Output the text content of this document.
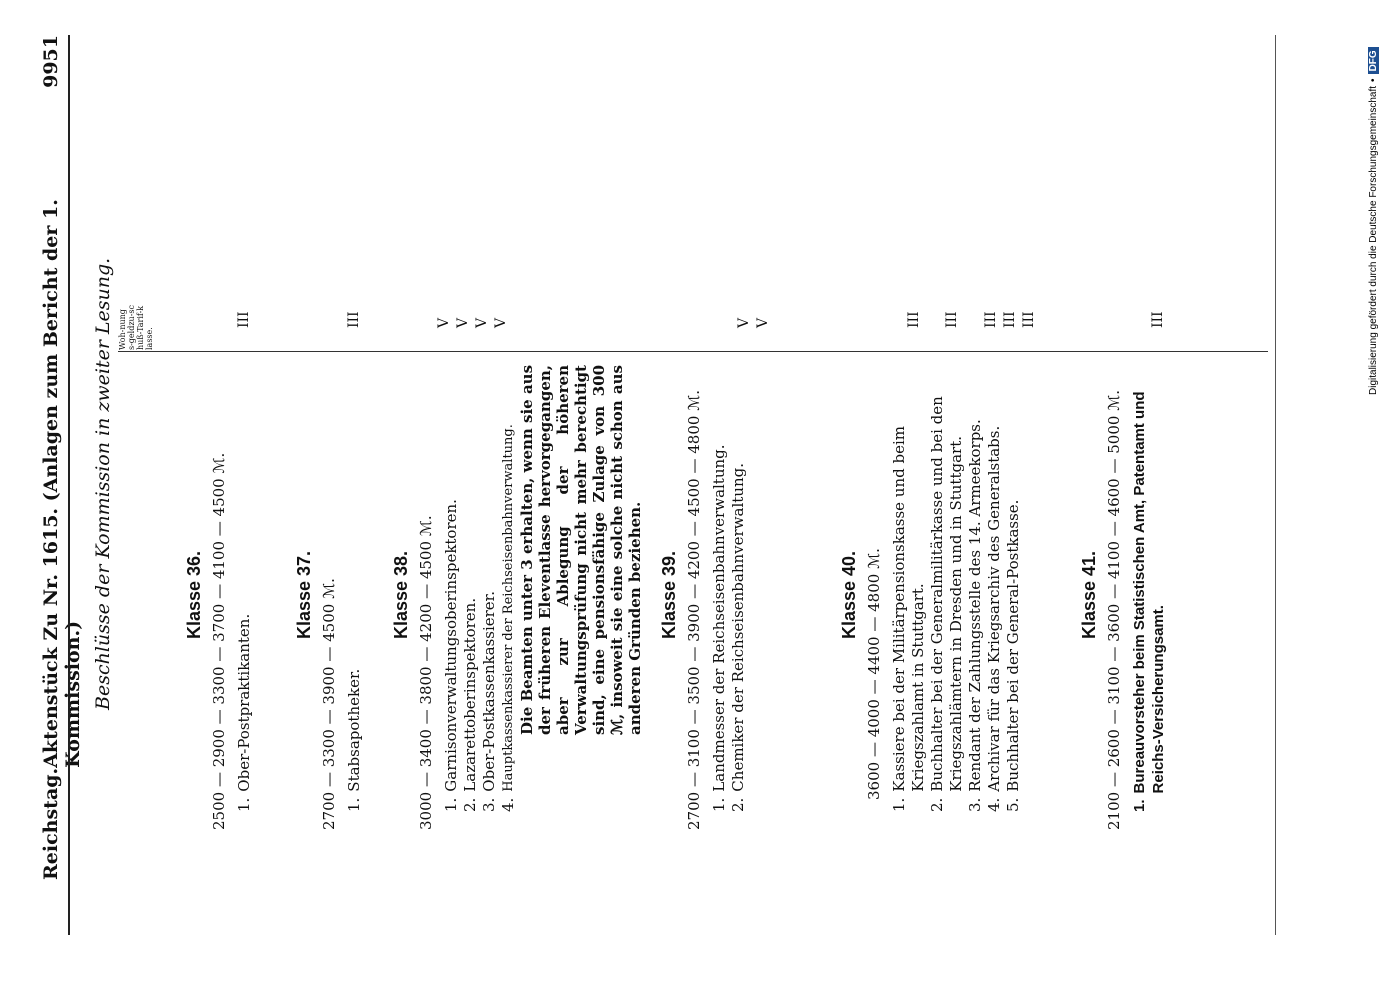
Reichstag.
Aktenstück Zu Nr. 1615. (Anlagen zum Bericht der 1. Kommission.)
9951
Beschlüsse der Kommission in zweiter Lesung. Woh-nungs-geldzu-schuß-Tarif-klasse.
Klasse 36. 2500 — 2900 — 3300 — 3700 — 4100 — 4500 ℳ. 1.
Ober-Postpraktikanten.
III
Klasse 37. 2700 — 3300 — 3900 — 4500 ℳ. 1.
Stabsapotheker.
III
Klasse 38. 3000 — 3400 — 3800 — 4200 — 4500 ℳ. 1.
Garnisonverwaltungsoberinspektoren.
2.
Lazarettoberinspektoren.
3.
Ober-Postkassenkassierer.
4.
Hauptkassenkassierer der Reichseisenbahnverwaltung. Die Beamten unter 3 erhalten, wenn sie aus der früheren Eleventlasse hervorgegangen, aber zur Ablegung der höheren Verwaltungsprüfung nicht mehr berechtigt sind, eine pensionsfähige Zulage von 300 ℳ, insoweit sie eine solche nicht schon aus anderen Gründen beziehen.
V V V V
Klasse 39. 2700 — 3100 — 3500 — 3900 — 4200 — 4500 — 4800 ℳ. 1.
Landmesser der Reichseisenbahnverwaltung.
2.
Chemiker der Reichseisenbahnverwaltung.
V V
Klasse 40. 3600 — 4000 — 4400 — 4800 ℳ.
1.
Kassiere bei der Militärpensionskasse und beim Kriegszahlamt in Stuttgart.
2.
Buchhalter bei der Generalmilitärkasse und bei den Kriegszahlämtern in Dresden und in Stuttgart.
3.
Rendant der Zahlungsstelle des 14. Armeekorps.
4.
Archivar für das Kriegsarchiv des Generalstabs.
5.
Buchhalter bei der General-Postkasse.
III III III III III
Klasse 41. 2100 — 2600 — 3100 — 3600 — 4100 — 4600 — 5000 ℳ. 1.
Bureauvorsteher beim Statistischen Amt, Patentamt und Reichs-Versicherungsamt.
III	Digitalisierung gefördert durch die Deutsche Forschungsgemeinschaft
•
DFG
